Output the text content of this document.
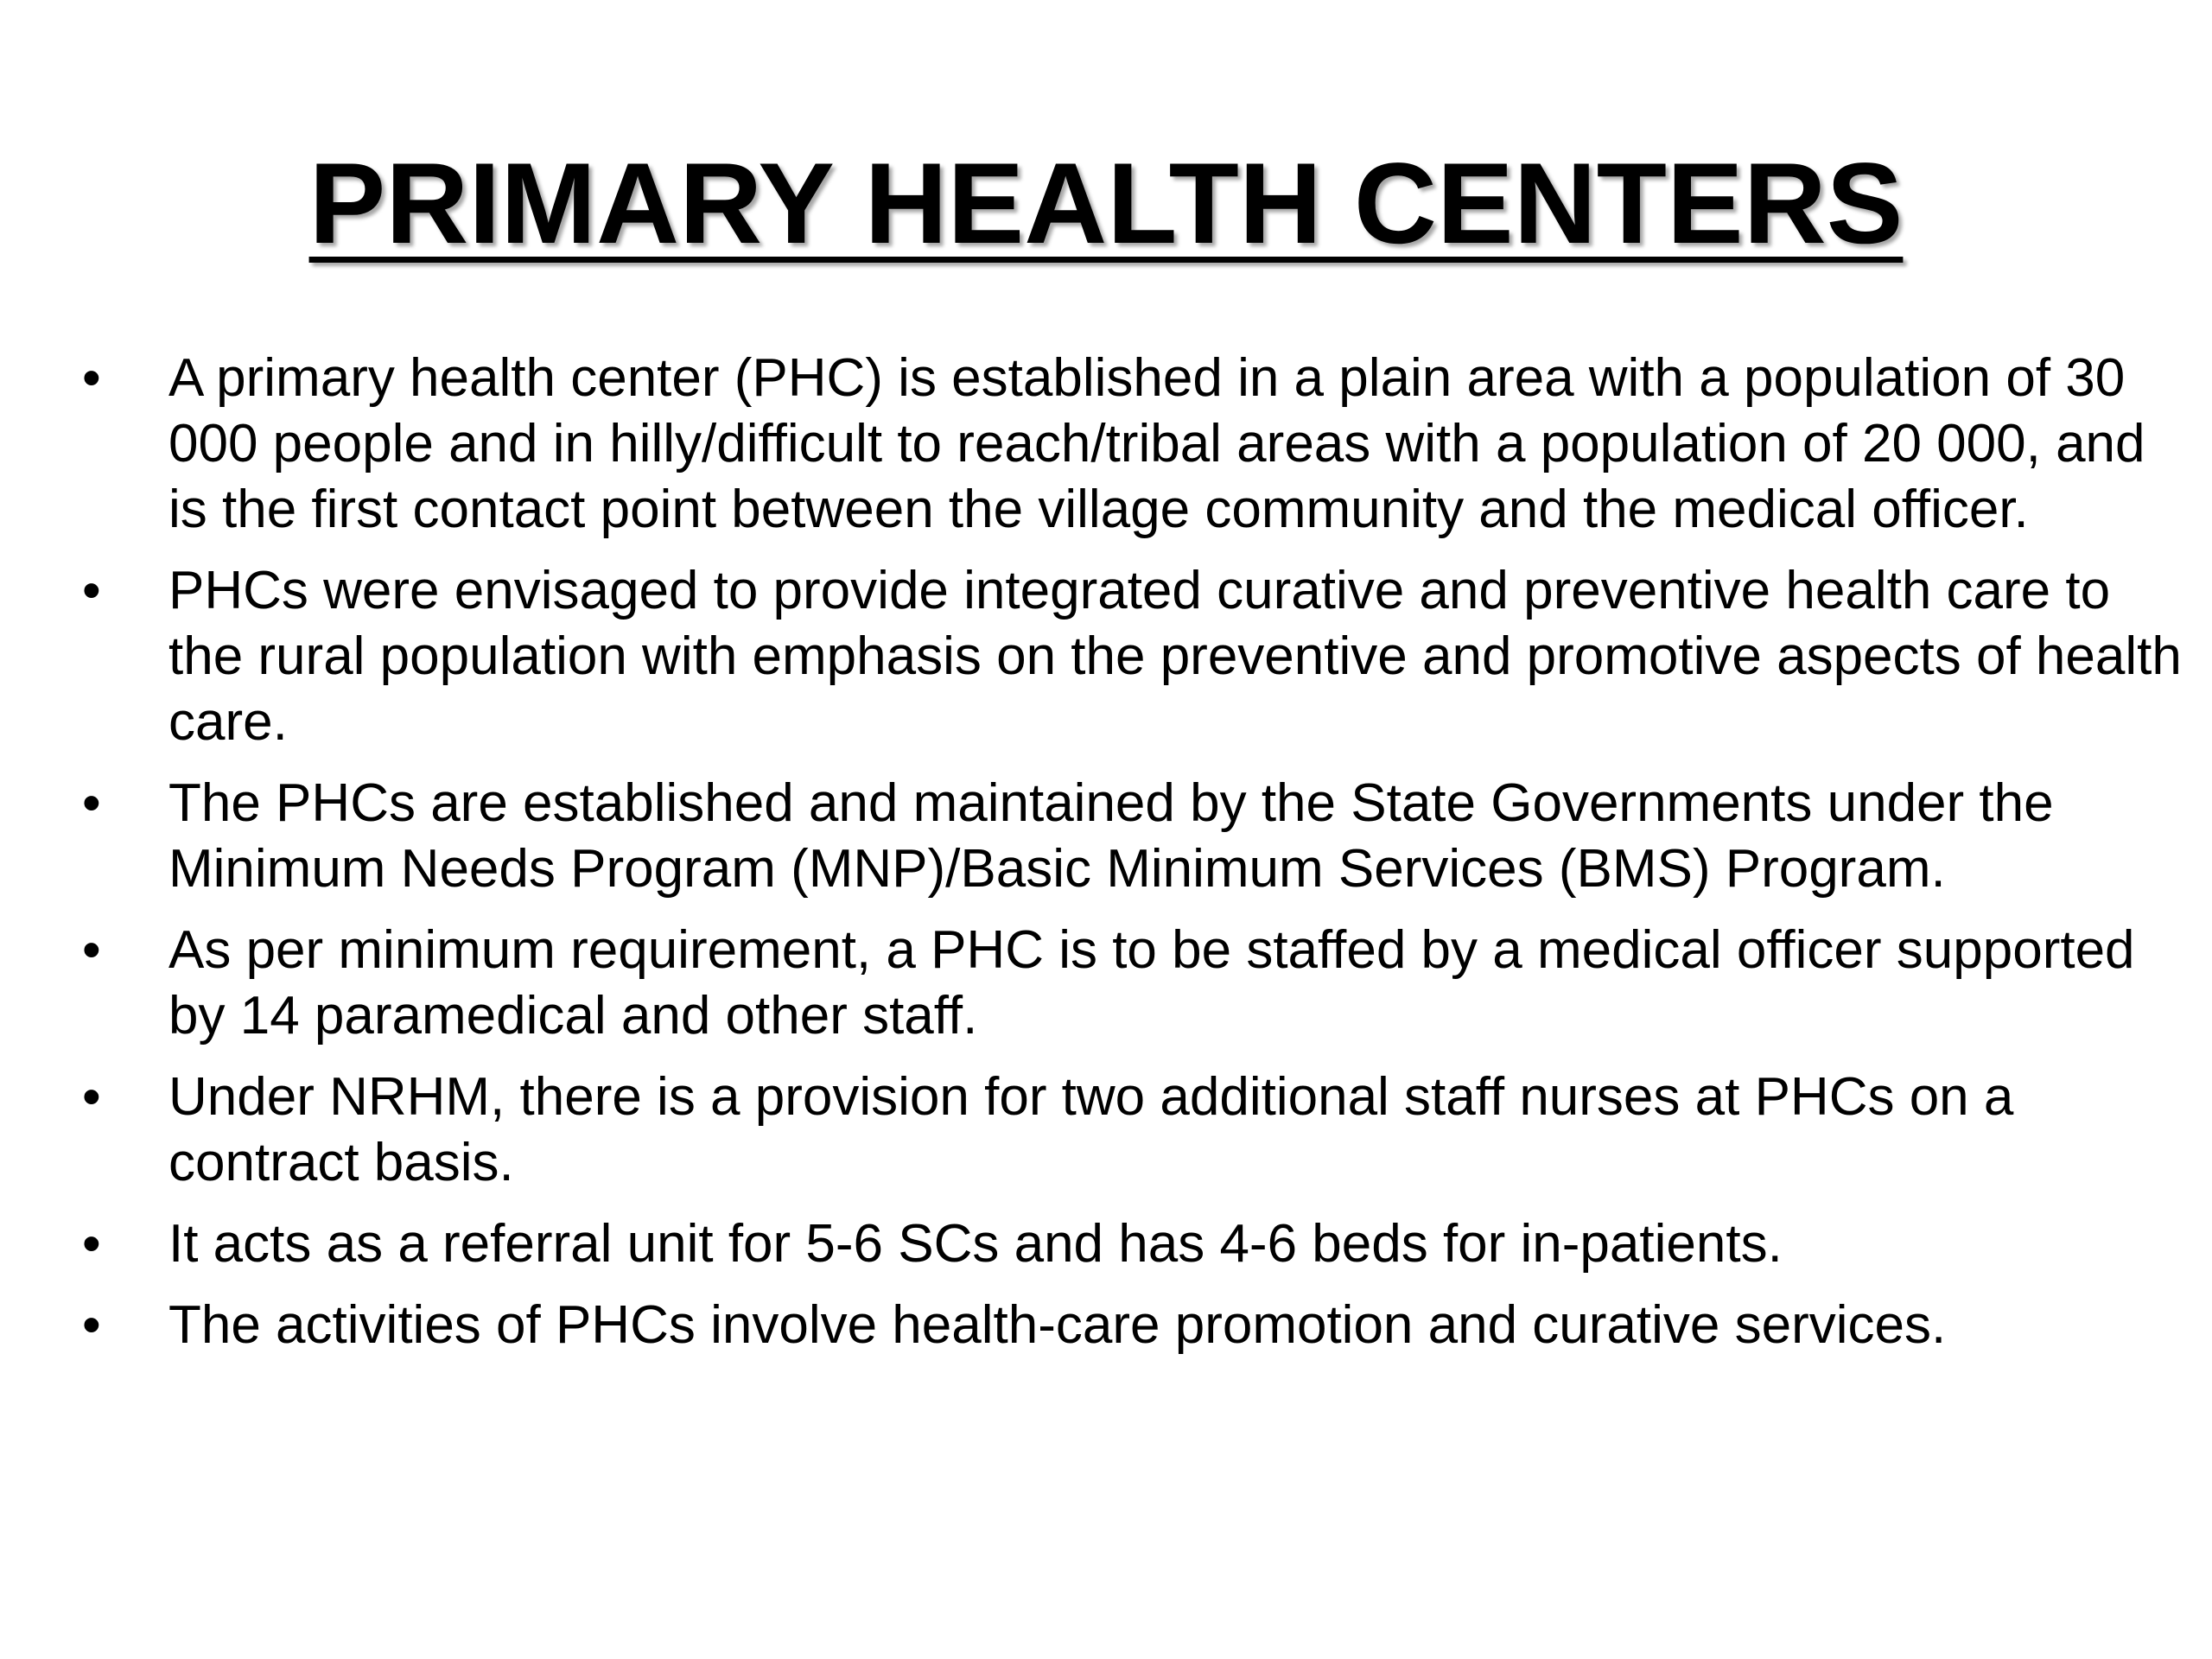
PRIMARY HEALTH CENTERS
•	A primary health center (PHC) is established in a plain area with a population of 30 000 people and in hilly/difficult to reach/tribal areas with a population of 20 000, and is the first contact point between the village community and the medical officer.
•	PHCs were envisaged to provide integrated curative and preventive health care to the rural population with emphasis on the preventive and promotive aspects of health care.
•	The PHCs are established and maintained by the State Governments under the Minimum Needs Program (MNP)/Basic Minimum Services (BMS) Program.
•	As per minimum requirement, a PHC is to be staffed by a medical officer supported by 14 paramedical and other staff.
•	Under NRHM, there is a provision for two additional staff nurses at PHCs on a contract basis.
•	It acts as a referral unit for 5-6 SCs and has 4-6 beds for in-patients.
•	The activities of PHCs involve health-care promotion and curative services.
